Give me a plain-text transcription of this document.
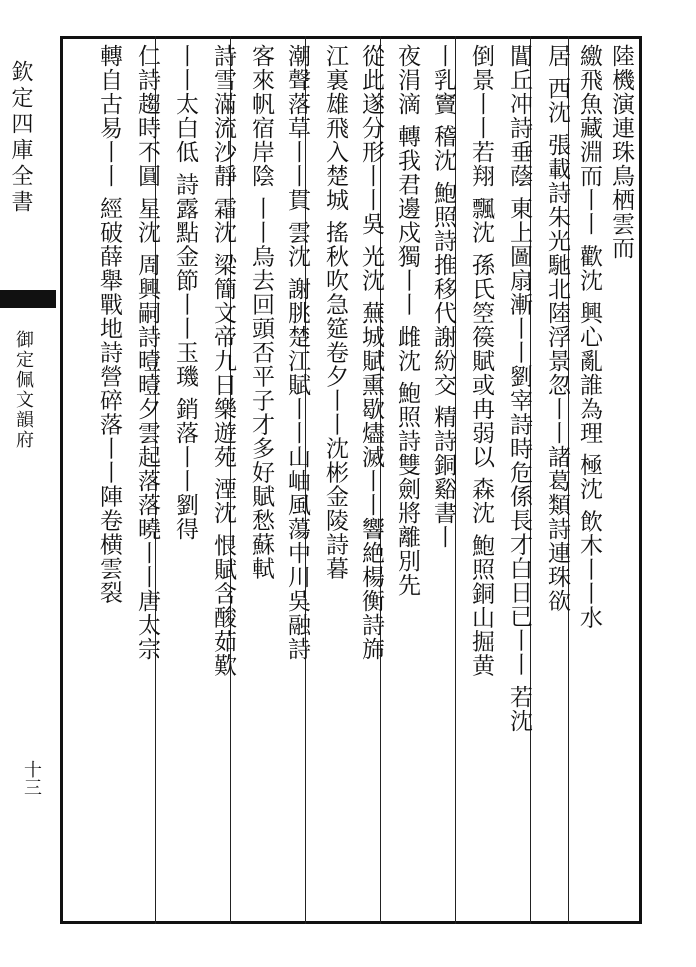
欽定四庫全書
御定佩文韻府
十三
陸機演連珠鳥栖雲而
繳飛魚藏淵而丨丨 歡沈 興心亂誰為理 極沈 飲木丨丨水
居 西沈 張載詩朱光馳北陸浮景忽丨丨諸葛類詩連珠欲
閶丘冲詩垂蔭 東上圖扇漸丨丨劉宰詩時危係長才白日已丨丨 若沈
倒景丨丨若翔 飄沈 孫氏箜篌賦或冉弱以 森沈 鮑照銅山掘黄
丨乳竇 稽沈 鮑照詩推移代謝紛交 精詩銅谿書丨
夜涓滴 轉我君邊戍獨丨丨 雌沈 鮑照詩雙劍將離別先
從此遂分形丨丨吳 光沈 蕪城賦熏歇燼滅丨丨響絶楊衡詩旆
江裏雄飛入楚城 搖秋吹急筵卷夕丨丨沈彬金陵詩暮
潮聲落草丨丨貫 雲沈 謝朓楚江賦丨丨山岫風蕩中川吳融詩
客來帆宿岸陰 丨丨烏去回頭否平子才多好賦愁蘇軾
詩雪滿流沙靜 霜沈 梁簡文帝九日樂遊苑 湮沈 恨賦含酸茹歎
丨丨太白低 詩露點金節丨丨玉璣 銷落丨丨劉得
仁詩趨時不圓 星沈 周興嗣詩曀曀夕雲起落落曉丨丨唐太宗
轉自古易丨丨 經破薛舉戰地詩營碎落丨丨陣卷横雲裂
